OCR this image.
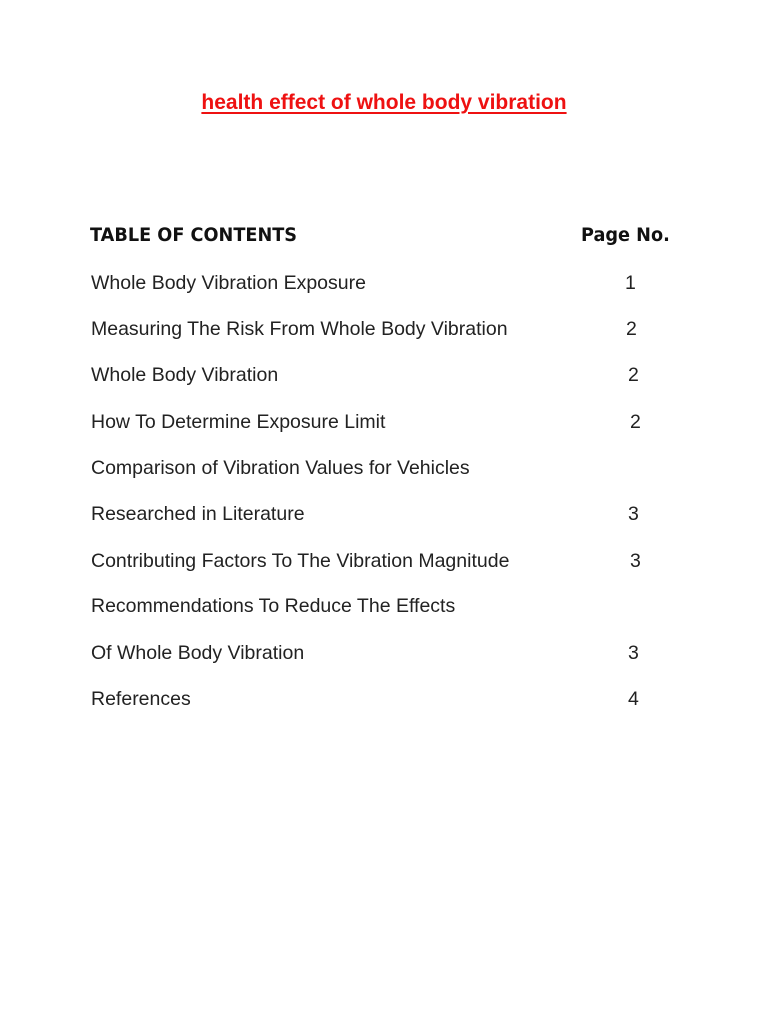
health effect of whole body vibration
TABLE OF CONTENTS	Page No.
Whole Body Vibration Exposure	1
Measuring The Risk From Whole Body Vibration	2
Whole Body Vibration	2
How To Determine Exposure Limit	2
Comparison of Vibration Values for Vehicles
Researched in Literature	3
Contributing Factors To The Vibration Magnitude	3
Recommendations To Reduce The Effects
Of Whole Body Vibration	3
References	4
